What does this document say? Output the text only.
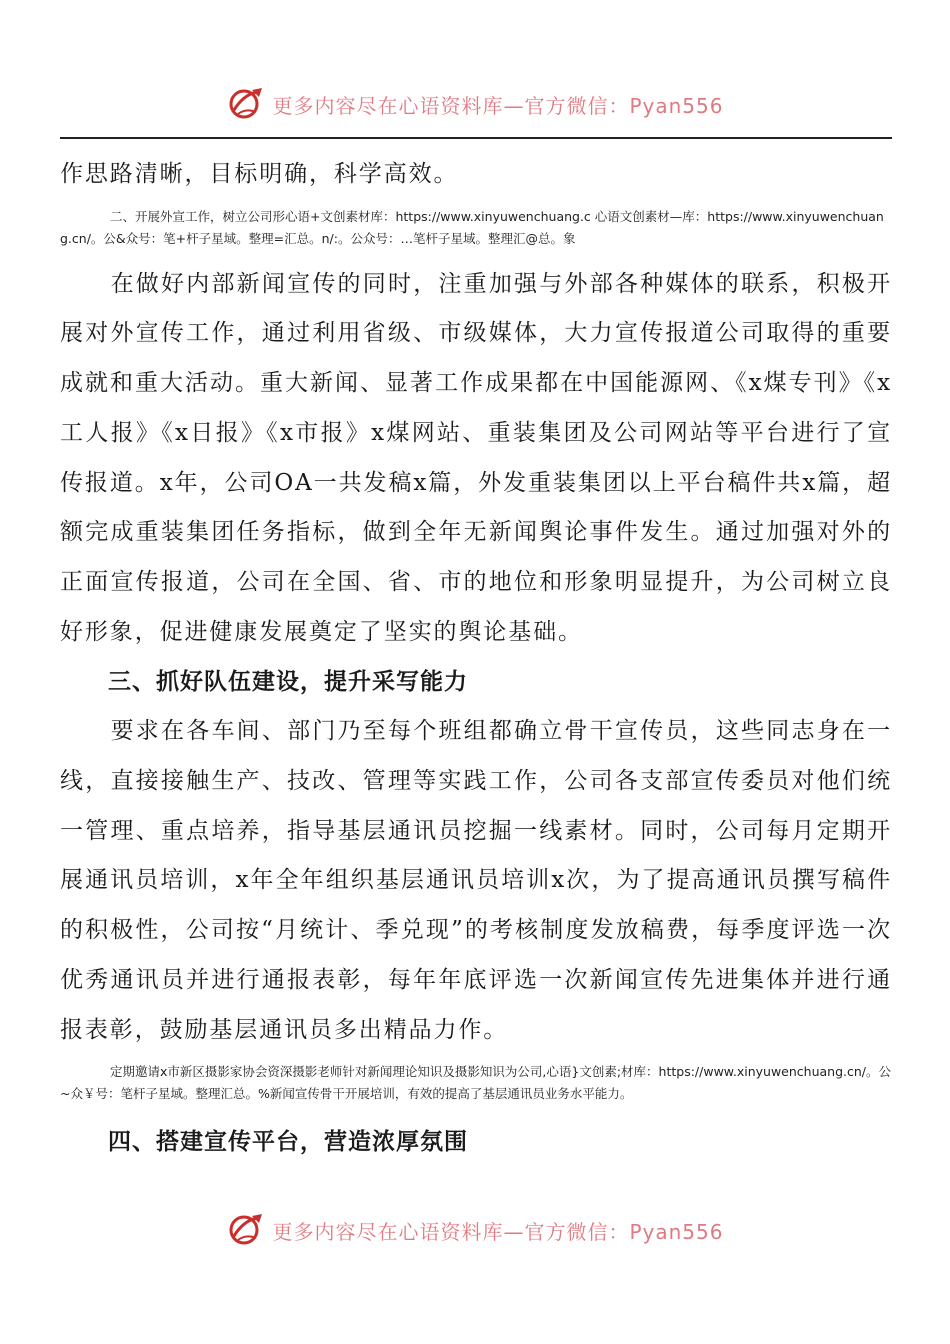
更多内容尽在心语资料库—官方微信：Pyan556

作思路清晰，目标明确，科学高效。

二、开展外宣工作，树立公司形心语+文创素材库：https://www.xinyuwenchuang.c 心语文创素材—库：https://www.xinyuwenchuang.cn/。公&众号：笔+杆子星域。整理=汇总。n/:。公众号：…笔杆子星域。整理汇@总。象

在做好内部新闻宣传的同时，注重加强与外部各种媒体的联系，积极开展对外宣传工作，通过利用省级、市级媒体，大力宣传报道公司取得的重要成就和重大活动。重大新闻、显著工作成果都在中国能源网、《x煤专刊》《x工人报》《x日报》《x市报》x煤网站、重装集团及公司网站等平台进行了宣传报道。x年，公司OA一共发稿x篇，外发重装集团以上平台稿件共x篇，超额完成重装集团任务指标，做到全年无新闻舆论事件发生。通过加强对外的正面宣传报道，公司在全国、省、市的地位和形象明显提升，为公司树立良好形象，促进健康发展奠定了坚实的舆论基础。

三、抓好队伍建设，提升采写能力

要求在各车间、部门乃至每个班组都确立骨干宣传员，这些同志身在一线，直接接触生产、技改、管理等实践工作，公司各支部宣传委员对他们统一管理、重点培养，指导基层通讯员挖掘一线素材。同时，公司每月定期开展通讯员培训，x年全年组织基层通讯员培训x次，为了提高通讯员撰写稿件的积极性，公司按“月统计、季兑现”的考核制度发放稿费，每季度评选一次优秀通讯员并进行通报表彰，每年年底评选一次新闻宣传先进集体并进行通报表彰，鼓励基层通讯员多出精品力作。

定期邀请x市新区摄影家协会资深摄影老师针对新闻理论知识及摄影知识为公司,心语}文创素;材库：https://www.xinyuwenchuang.cn/。公~众￥号：笔杆子星域。整理汇总。%新闻宣传骨干开展培训，有效的提高了基层通讯员业务水平能力。

四、搭建宣传平台，营造浓厚氛围
更多内容尽在心语资料库—官方微信：Pyan556
